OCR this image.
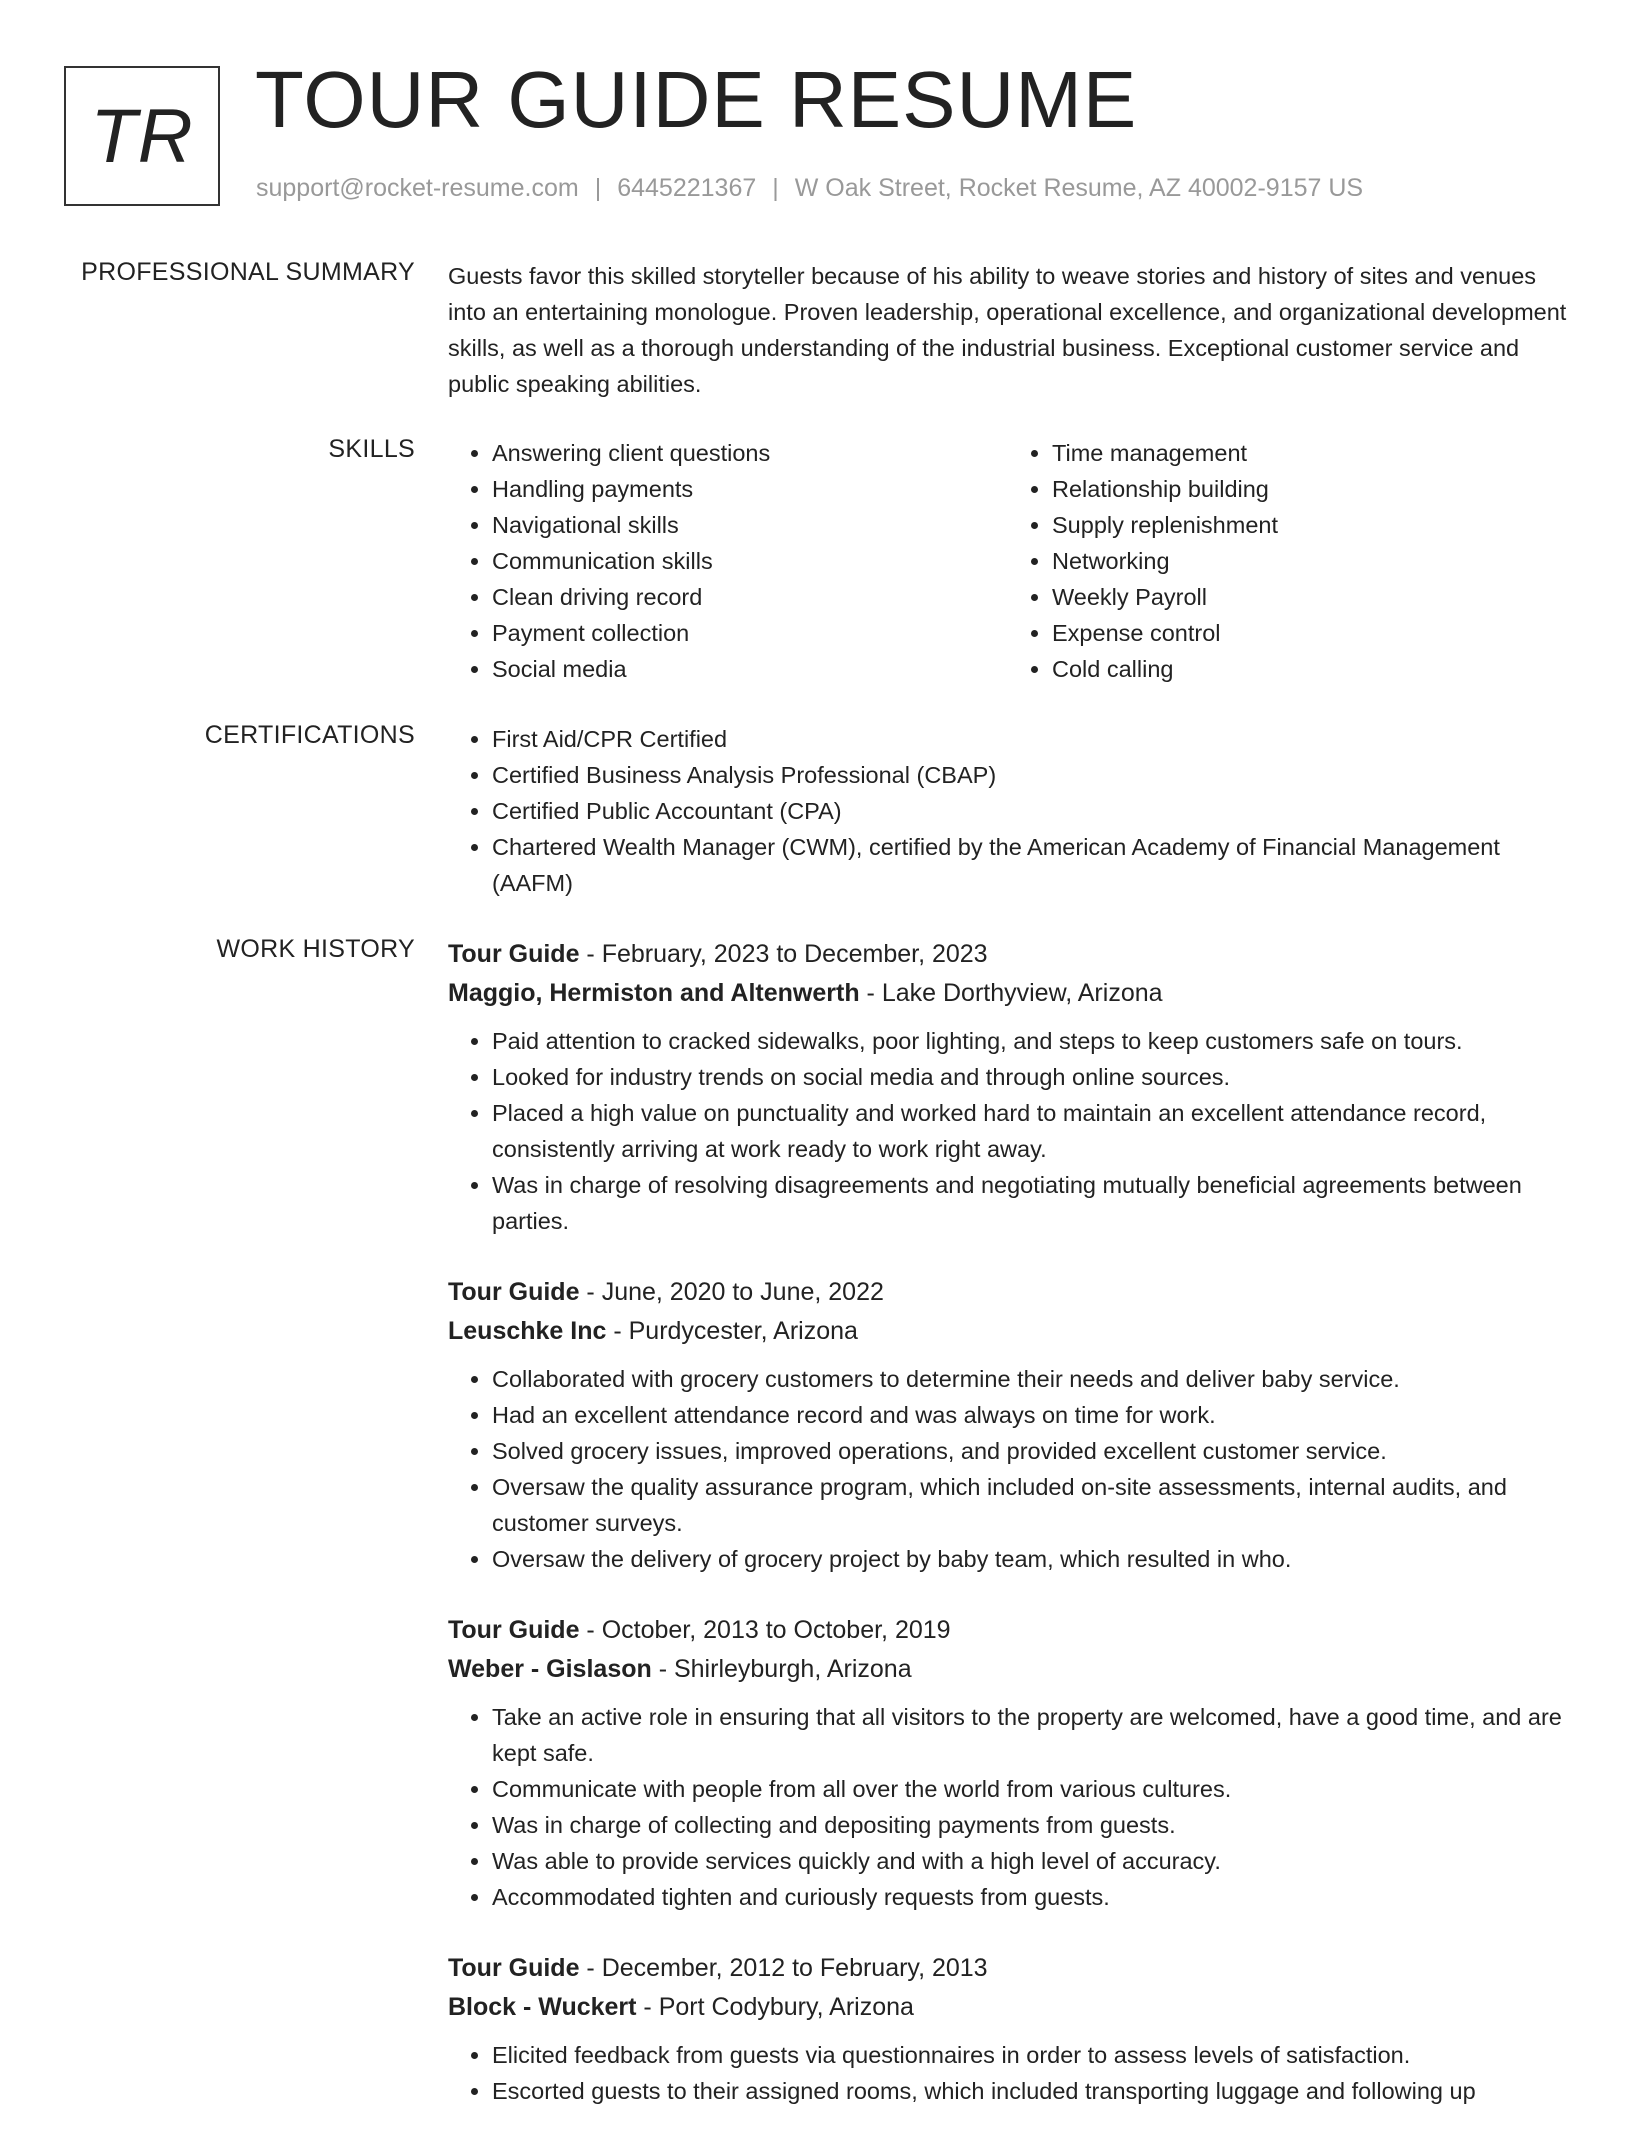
TR TOUR GUIDE RESUME
support@rocket-resume.com | 6445221367 | W Oak Street, Rocket Resume, AZ 40002-9157 US
PROFESSIONAL SUMMARY Guests favor this skilled storyteller because of his ability to weave stories and history of sites and venues into an entertaining monologue. Proven leadership, operational excellence, and organizational development skills, as well as a thorough understanding of the industrial business. Exceptional customer service and public speaking abilities.
SKILLS	• Answering client questions
• Handling payments
• Navigational skills
• Communication skills
• Clean driving record
• Payment collection
• Social media
• Time management
• Relationship building
• Supply replenishment
• Networking
• Weekly Payroll
• Expense control
• Cold calling
CERTIFICATIONS	• First Aid/CPR Certified
• Certified Business Analysis Professional (CBAP)
• Certified Public Accountant (CPA)
• Chartered Wealth Manager (CWM), certified by the American Academy of Financial Management (AAFM)
WORK HISTORY Tour Guide - February, 2023 to December, 2023

Maggio, Hermiston and Altenwerth - Lake Dorthyview, Arizona

• Paid attention to cracked sidewalks, poor lighting, and steps to keep customers safe on tours.
• Looked for industry trends on social media and through online sources.
• Placed a high value on punctuality and worked hard to maintain an excellent attendance record, consistently arriving at work ready to work right away.
• Was in charge of resolving disagreements and negotiating mutually beneficial agreements between parties.

Tour Guide - June, 2020 to June, 2022

Leuschke Inc - Purdycester, Arizona

• Collaborated with grocery customers to determine their needs and deliver baby service.
• Had an excellent attendance record and was always on time for work.
• Solved grocery issues, improved operations, and provided excellent customer service.
• Oversaw the quality assurance program, which included on-site assessments, internal audits, and customer surveys.
• Oversaw the delivery of grocery project by baby team, which resulted in who.

Tour Guide - October, 2013 to October, 2019

Weber - Gislason - Shirleyburgh, Arizona

• Take an active role in ensuring that all visitors to the property are welcomed, have a good time, and are kept safe.
• Communicate with people from all over the world from various cultures.
• Was in charge of collecting and depositing payments from guests.
• Was able to provide services quickly and with a high level of accuracy.
• Accommodated tighten and curiously requests from guests.

Tour Guide - December, 2012 to February, 2013

Block - Wuckert - Port Codybury, Arizona

• Elicited feedback from guests via questionnaires in order to assess levels of satisfaction.
• Escorted guests to their assigned rooms, which included transporting luggage and following up
